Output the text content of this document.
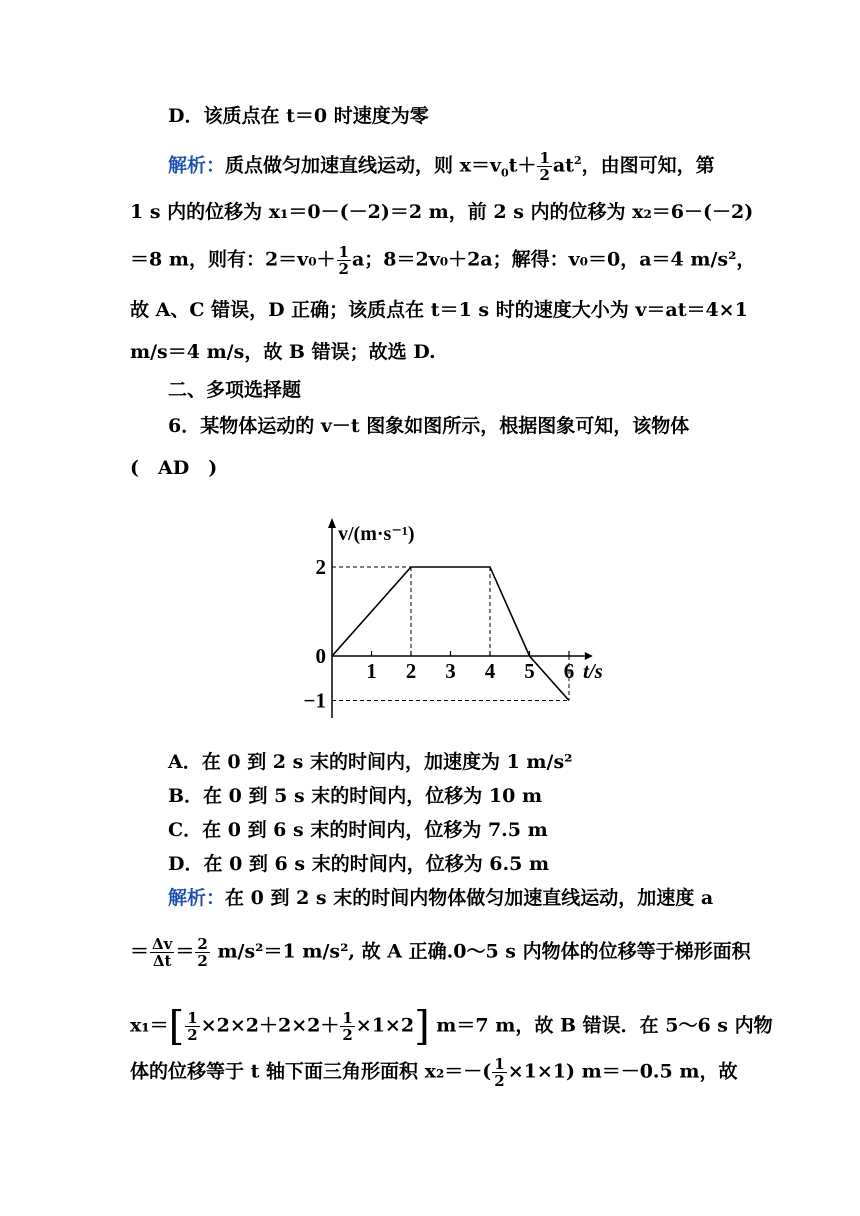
D．该质点在 t＝0 时速度为零
解析：质点做匀加速直线运动，则 $x=v_0t+ \frac{1}{2} at^2$，由图可知，第
1 s 内的位移为 x₁＝0－(－2)＝2 m，前 2 s 内的位移为 x₂＝6－(－2)
＝8 m，则有：$2=v_0+ \frac{1}{2}$ a；8＝2v₀＋2a；解得：v₀＝0，a＝4 m/s²，
故 A、C 错误，D 正确；该质点在 t＝1 s 时的速度大小为 v＝at＝4×1
m/s＝4 m/s，故 B 错误；故选 D.
二、多项选择题
6．某物体运动的 v－t 图象如图所示，根据图象可知，该物体
(　AD　)
1 2 3 4 5 6
2
0
−1
v/(m·s⁻¹)
t/s
A．在 0 到 2 s 末的时间内，加速度为 1 m/s²
B．在 0 到 5 s 末的时间内，位移为 10 m
C．在 0 到 6 s 末的时间内，位移为 7.5 m
D．在 0 到 6 s 末的时间内，位移为 6.5 m
解析：在 0 到 2 s 末的时间内物体做匀加速直线运动，加速度 a
＝ $\frac{\Delta v}{\Delta t} = \frac{2}{2} m/s^2=1$ m/s², 故 A 正确.0～5 s 内物体的位移等于梯形面积
$x_1=[ \frac{1}{2} \times 2\times 2+2\times 2+ \frac{1}{2} \times 1\times 2]$ m＝7 m，故 B 错误．在 5～6 s 内物
体的位移等于 t 轴下面三角形面积 $x_2=-( \frac{1}{2} \times 1\times 1)$ m＝－0.5 m，故
